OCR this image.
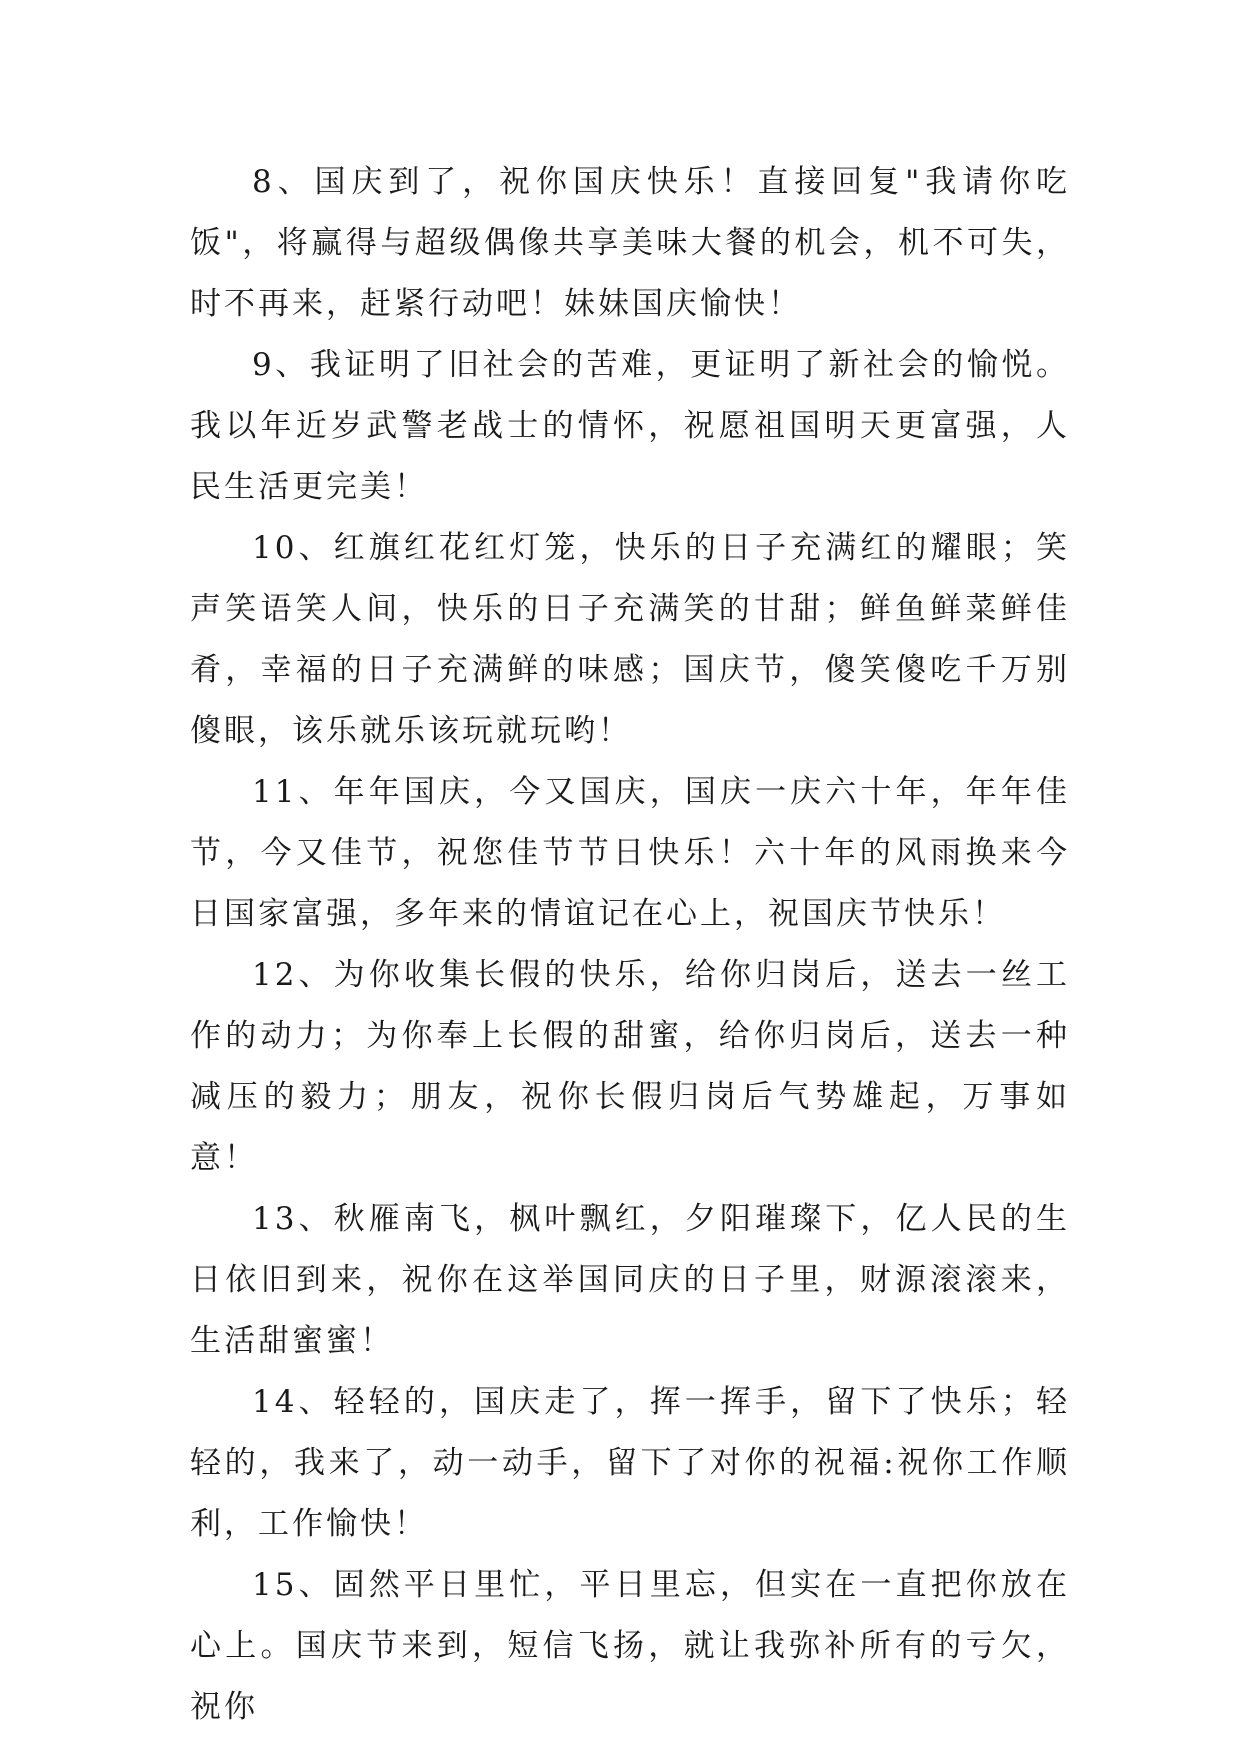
8、国庆到了，祝你国庆快乐！直接回复"我请你吃饭"，将赢得与超级偶像共享美味大餐的机会，机不可失，时不再来，赶紧行动吧！妹妹国庆愉快！

9、我证明了旧社会的苦难，更证明了新社会的愉悦。我以年近岁武警老战士的情怀，祝愿祖国明天更富强，人民生活更完美！

10、红旗红花红灯笼，快乐的日子充满红的耀眼；笑声笑语笑人间，快乐的日子充满笑的甘甜；鲜鱼鲜菜鲜佳肴，幸福的日子充满鲜的味感；国庆节，傻笑傻吃千万别傻眼，该乐就乐该玩就玩哟！

11、年年国庆，今又国庆，国庆一庆六十年，年年佳节，今又佳节，祝您佳节节日快乐！六十年的风雨换来今日国家富强，多年来的情谊记在心上，祝国庆节快乐！

12、为你收集长假的快乐，给你归岗后，送去一丝工作的动力；为你奉上长假的甜蜜，给你归岗后，送去一种减压的毅力；朋友，祝你长假归岗后气势雄起，万事如意！

13、秋雁南飞，枫叶飘红，夕阳璀璨下，亿人民的生日依旧到来，祝你在这举国同庆的日子里，财源滚滚来，生活甜蜜蜜！

14、轻轻的，国庆走了，挥一挥手，留下了快乐；轻轻的，我来了，动一动手，留下了对你的祝福:祝你工作顺利，工作愉快！

15、固然平日里忙，平日里忘，但实在一直把你放在心上。国庆节来到，短信飞扬，就让我弥补所有的亏欠，祝你
